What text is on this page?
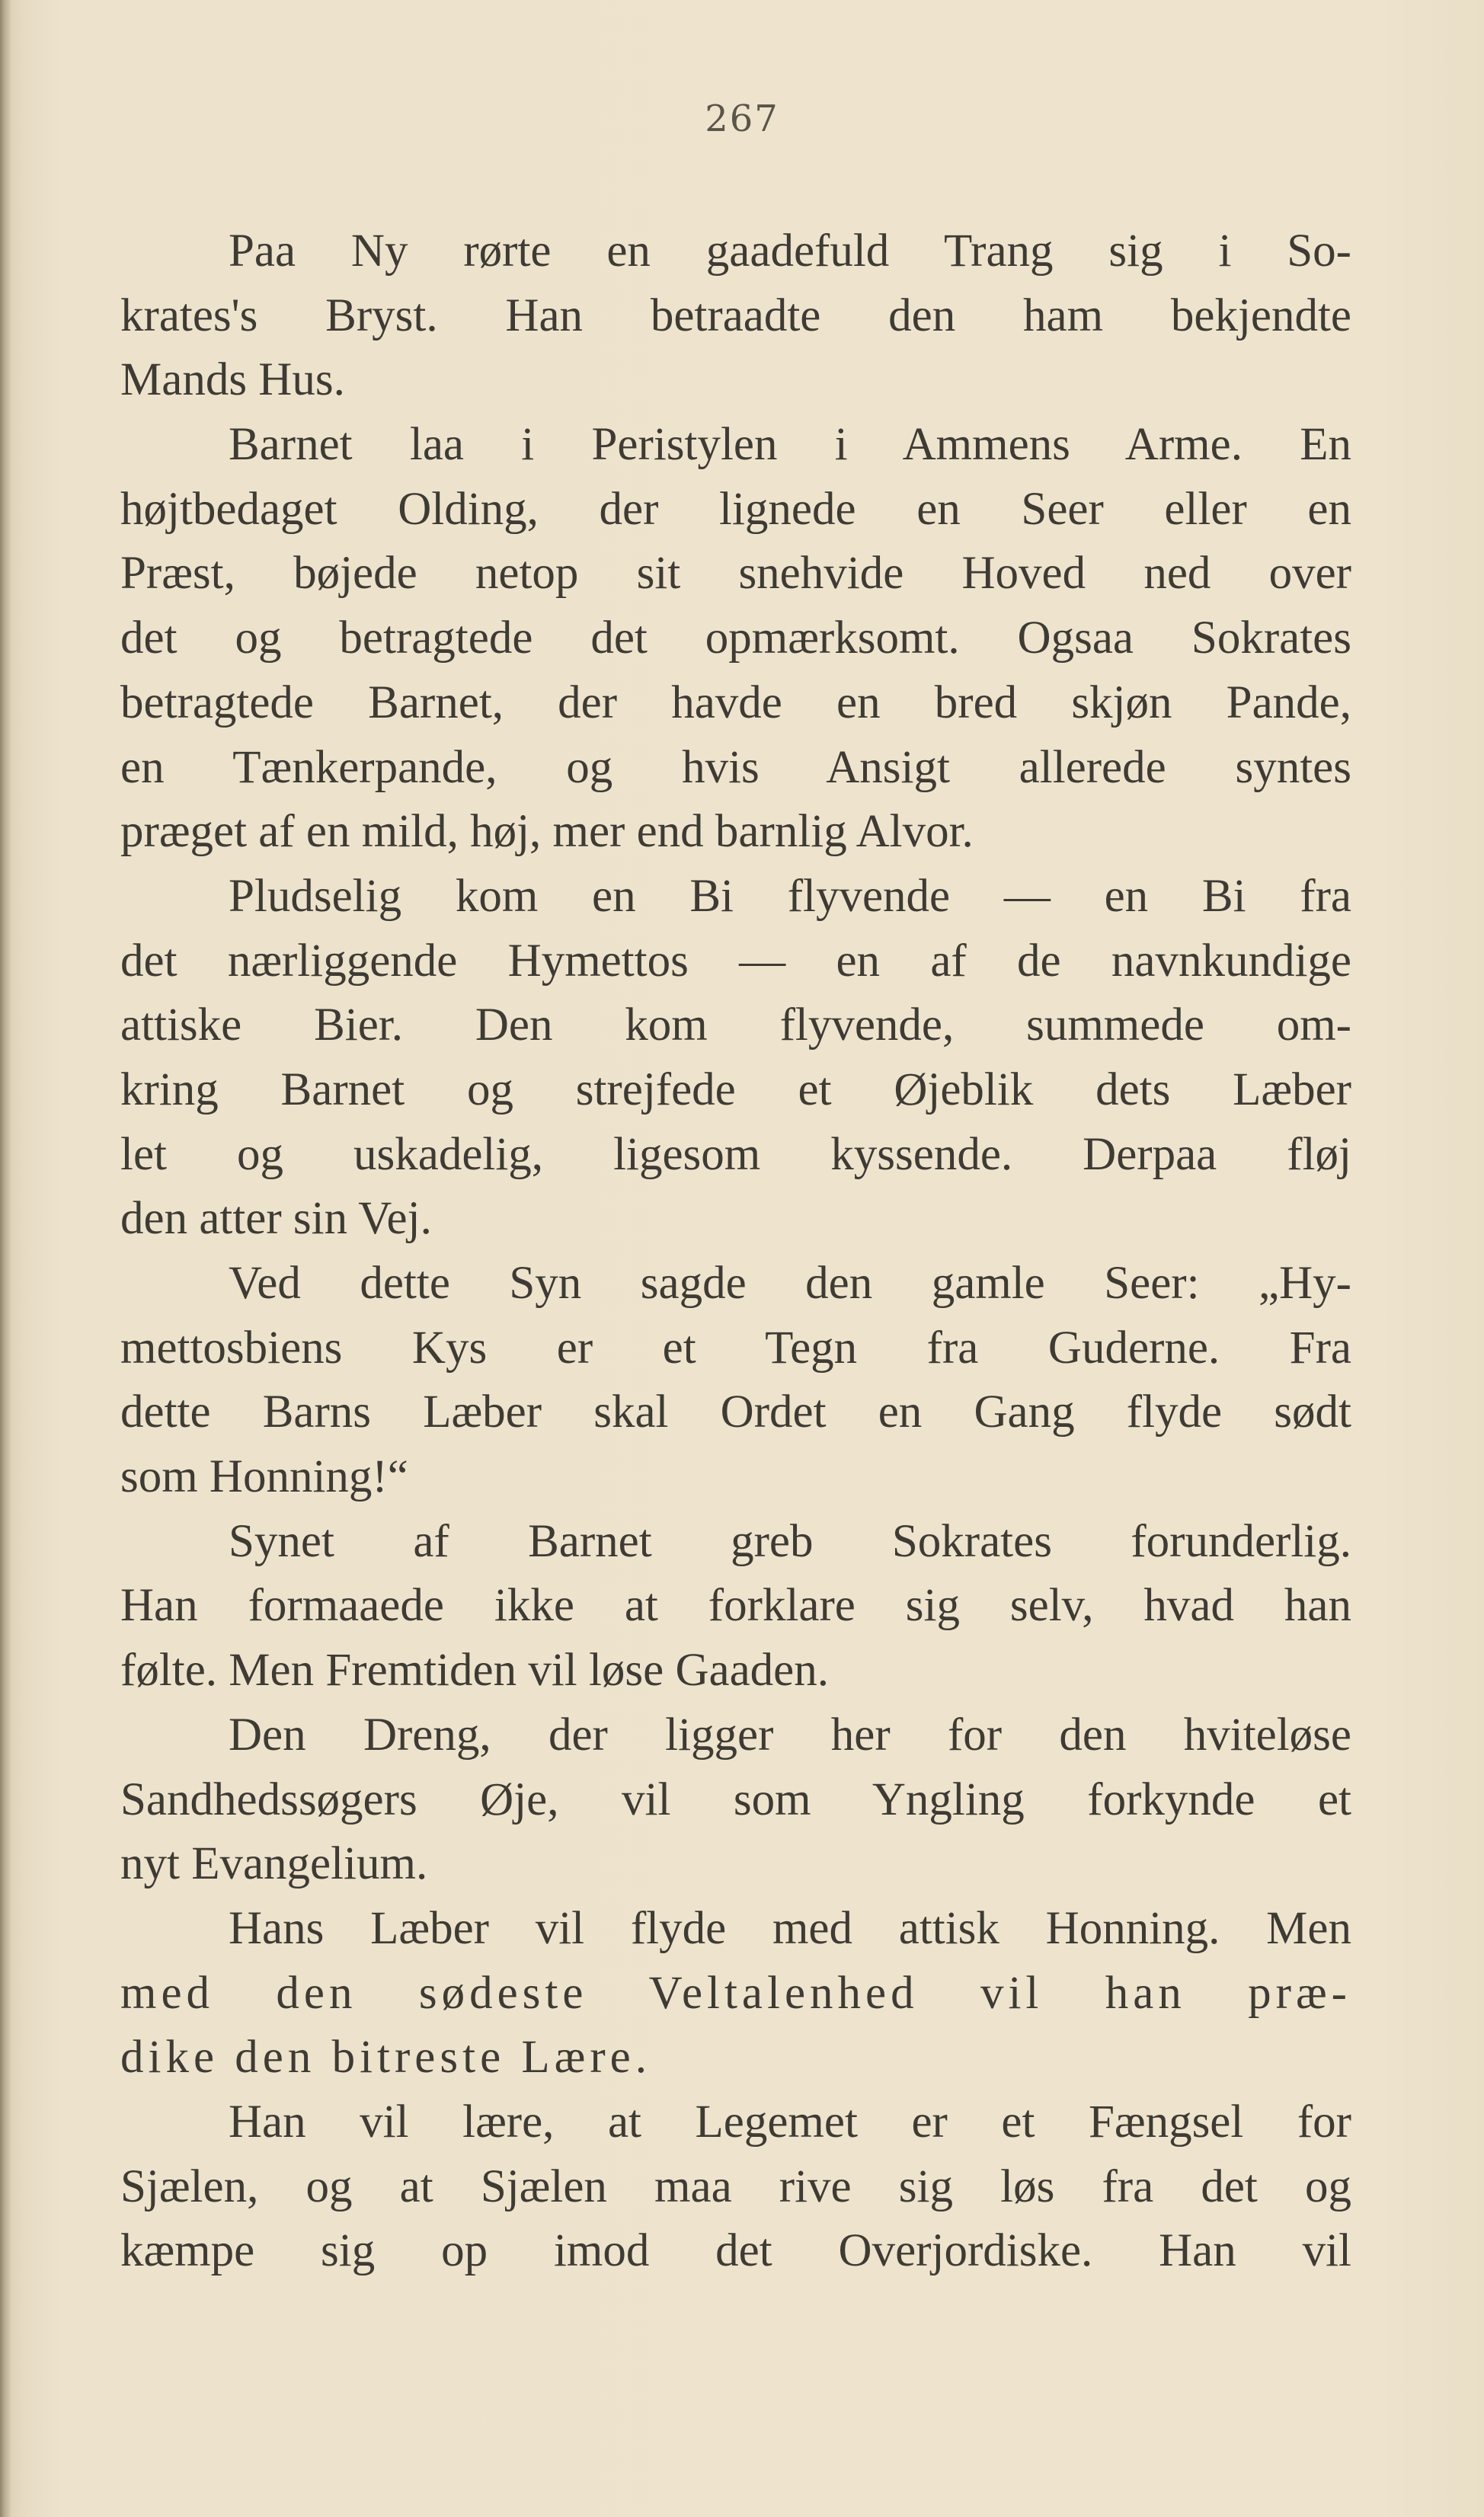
267
Paa Ny rørte en gaadefuld Trang sig i So-
krates's Bryst. Han betraadte den ham bekjendte
Mands Hus.
Barnet laa i Peristylen i Ammens Arme. En
højtbedaget Olding, der lignede en Seer eller en
Præst, bøjede netop sit snehvide Hoved ned over
det og betragtede det opmærksomt. Ogsaa Sokrates
betragtede Barnet, der havde en bred skjøn Pande,
en Tænkerpande, og hvis Ansigt allerede syntes
præget af en mild, høj, mer end barnlig Alvor.
Pludselig kom en Bi flyvende — en Bi fra
det nærliggende Hymettos — en af de navnkundige
attiske Bier. Den kom flyvende, summede om-
kring Barnet og strejfede et Øjeblik dets Læber
let og uskadelig, ligesom kyssende. Derpaa fløj
den atter sin Vej.
Ved dette Syn sagde den gamle Seer: „Hy-
mettosbiens Kys er et Tegn fra Guderne. Fra
dette Barns Læber skal Ordet en Gang flyde sødt
som Honning!“
Synet af Barnet greb Sokrates forunderlig.
Han formaaede ikke at forklare sig selv, hvad han
følte. Men Fremtiden vil løse Gaaden.
Den Dreng, der ligger her for den hviteløse
Sandhedssøgers Øje, vil som Yngling forkynde et
nyt Evangelium.
Hans Læber vil flyde med attisk Honning. Men
med den sødeste Veltalenhed vil han præ-
dike den bitreste Lære.
Han vil lære, at Legemet er et Fængsel for
Sjælen, og at Sjælen maa rive sig løs fra det og
kæmpe sig op imod det Overjordiske. Han vil
